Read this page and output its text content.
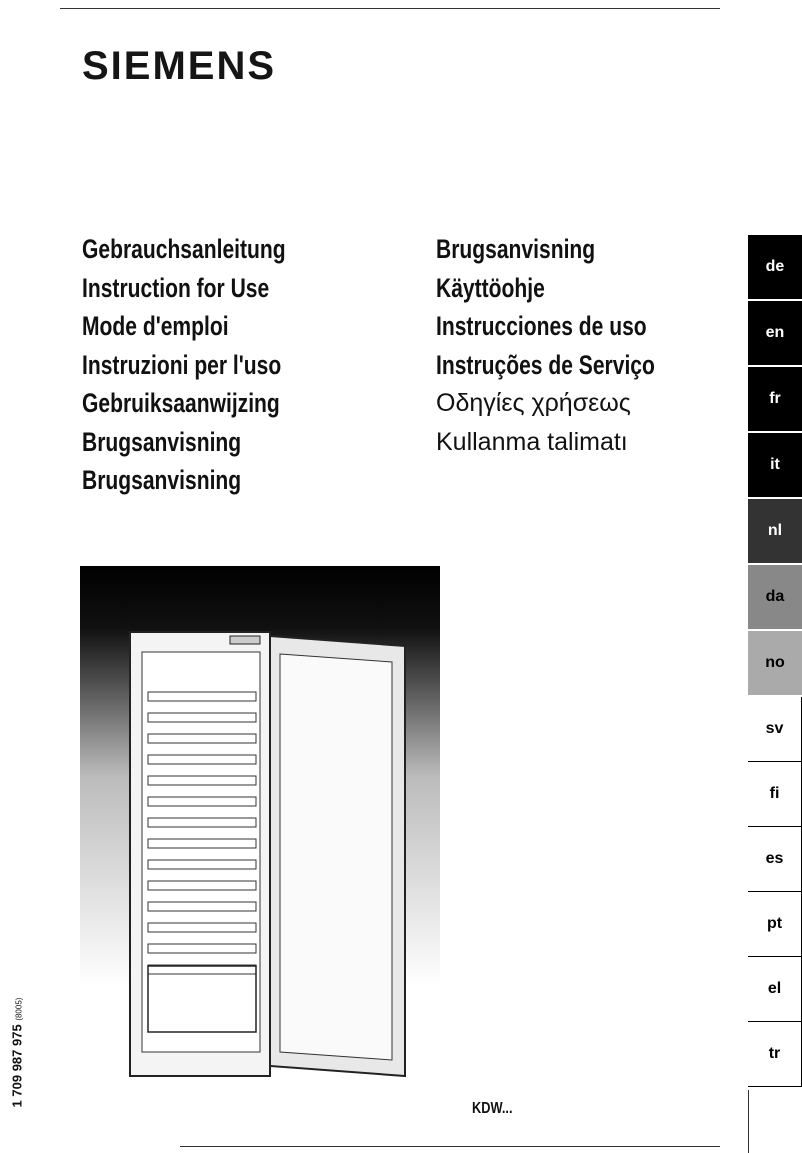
SIEMENS
Gebrauchsanleitung
Instruction for Use
Mode d'emploi
Instruzioni per l'uso
Gebruiksaanwijzing
Brugsanvisning
Brugsanvisning
Brugsanvisning
Käyttöohje
Instrucciones de uso
Instruções de Serviço
Οδηγίες χρήσεως
Kullanma talimatı
de
en
fr
it
nl
da
no
sv
fi
es
pt
el
tr
1 709 987 975 (8005)
KDW...
